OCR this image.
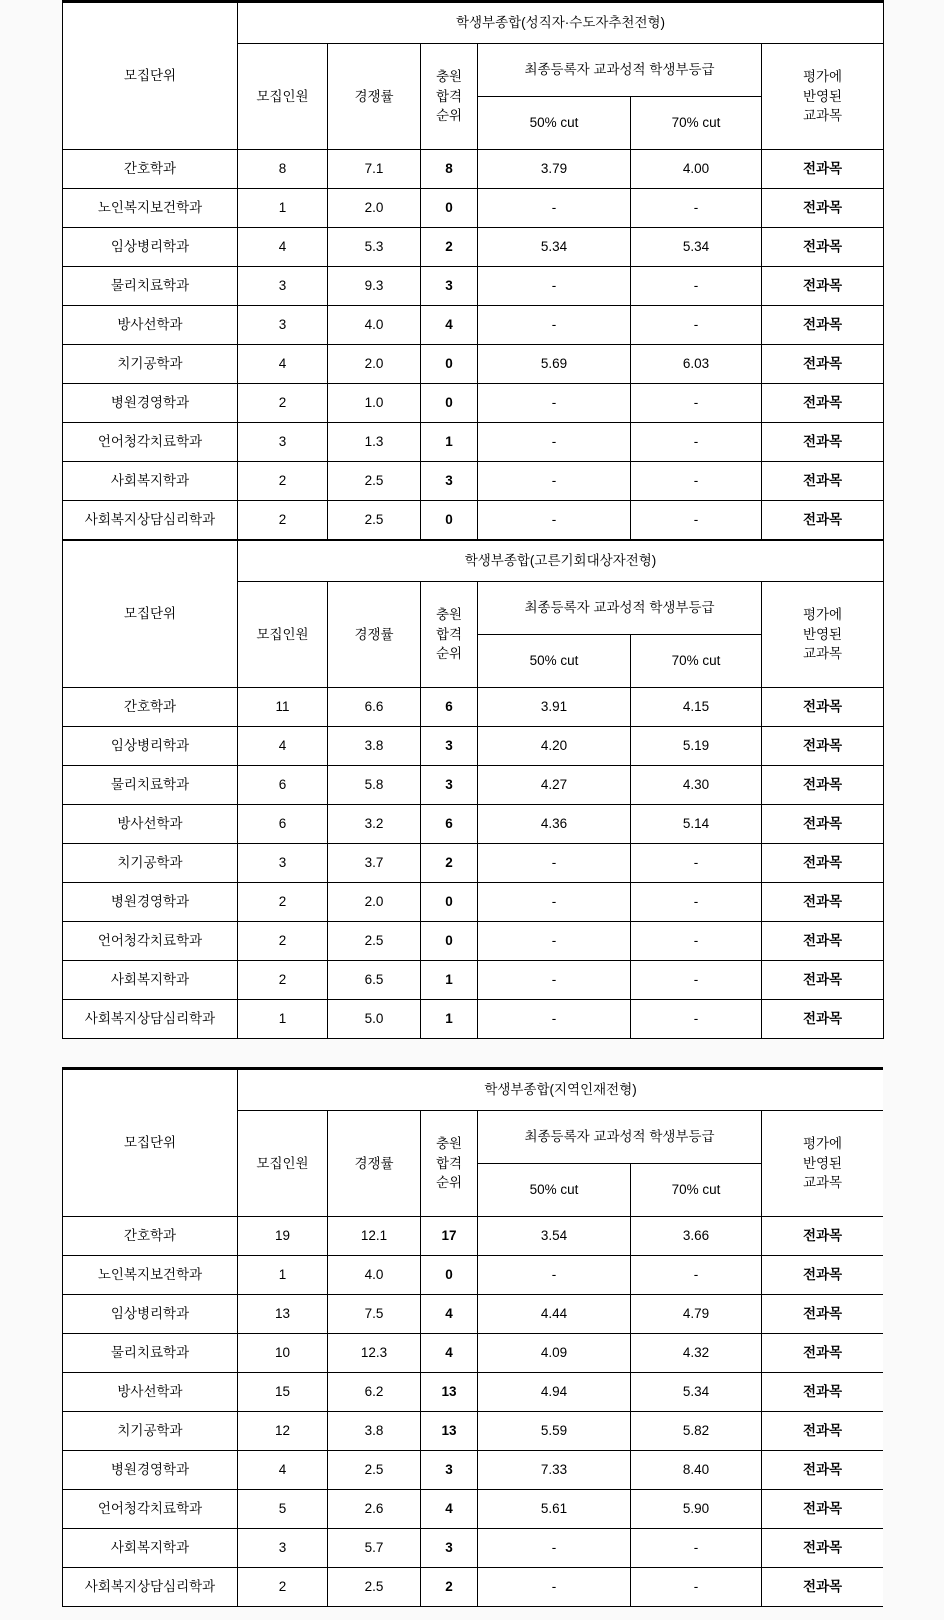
모집단위	학생부종합(성직자·수도자추천전형)					
	모집인원	경쟁률	충원
합격
순위	최종등록자 교과성적 학생부등급		평가에
반영된
교과목
				50% cut	70% cut	
간호학과	8	7.1	8	3.79	4.00	전과목
노인복지보건학과	1	2.0	0	-	-	전과목
임상병리학과	4	5.3	2	5.34	5.34	전과목
물리치료학과	3	9.3	3	-	-	전과목
방사선학과	3	4.0	4	-	-	전과목
치기공학과	4	2.0	0	5.69	6.03	전과목
병원경영학과	2	1.0	0	-	-	전과목
언어청각치료학과	3	1.3	1	-	-	전과목
사회복지학과	2	2.5	3	-	-	전과목
사회복지상담심리학과	2	2.5	0	-	-	전과목
모집단위	학생부종합(고른기회대상자전형)					
	모집인원	경쟁률	충원
합격
순위	최종등록자 교과성적 학생부등급		평가에
반영된
교과목
				50% cut	70% cut	
간호학과	11	6.6	6	3.91	4.15	전과목
임상병리학과	4	3.8	3	4.20	5.19	전과목
물리치료학과	6	5.8	3	4.27	4.30	전과목
방사선학과	6	3.2	6	4.36	5.14	전과목
치기공학과	3	3.7	2	-	-	전과목
병원경영학과	2	2.0	0	-	-	전과목
언어청각치료학과	2	2.5	0	-	-	전과목
사회복지학과	2	6.5	1	-	-	전과목
사회복지상담심리학과	1	5.0	1	-	-	전과목
모집단위	학생부종합(지역인재전형)					
	모집인원	경쟁률	충원
합격
순위	최종등록자 교과성적 학생부등급		평가에
반영된
교과목
				50% cut	70% cut	
간호학과	19	12.1	17	3.54	3.66	전과목
노인복지보건학과	1	4.0	0	-	-	전과목
임상병리학과	13	7.5	4	4.44	4.79	전과목
물리치료학과	10	12.3	4	4.09	4.32	전과목
방사선학과	15	6.2	13	4.94	5.34	전과목
치기공학과	12	3.8	13	5.59	5.82	전과목
병원경영학과	4	2.5	3	7.33	8.40	전과목
언어청각치료학과	5	2.6	4	5.61	5.90	전과목
사회복지학과	3	5.7	3	-	-	전과목
사회복지상담심리학과	2	2.5	2	-	-	전과목
